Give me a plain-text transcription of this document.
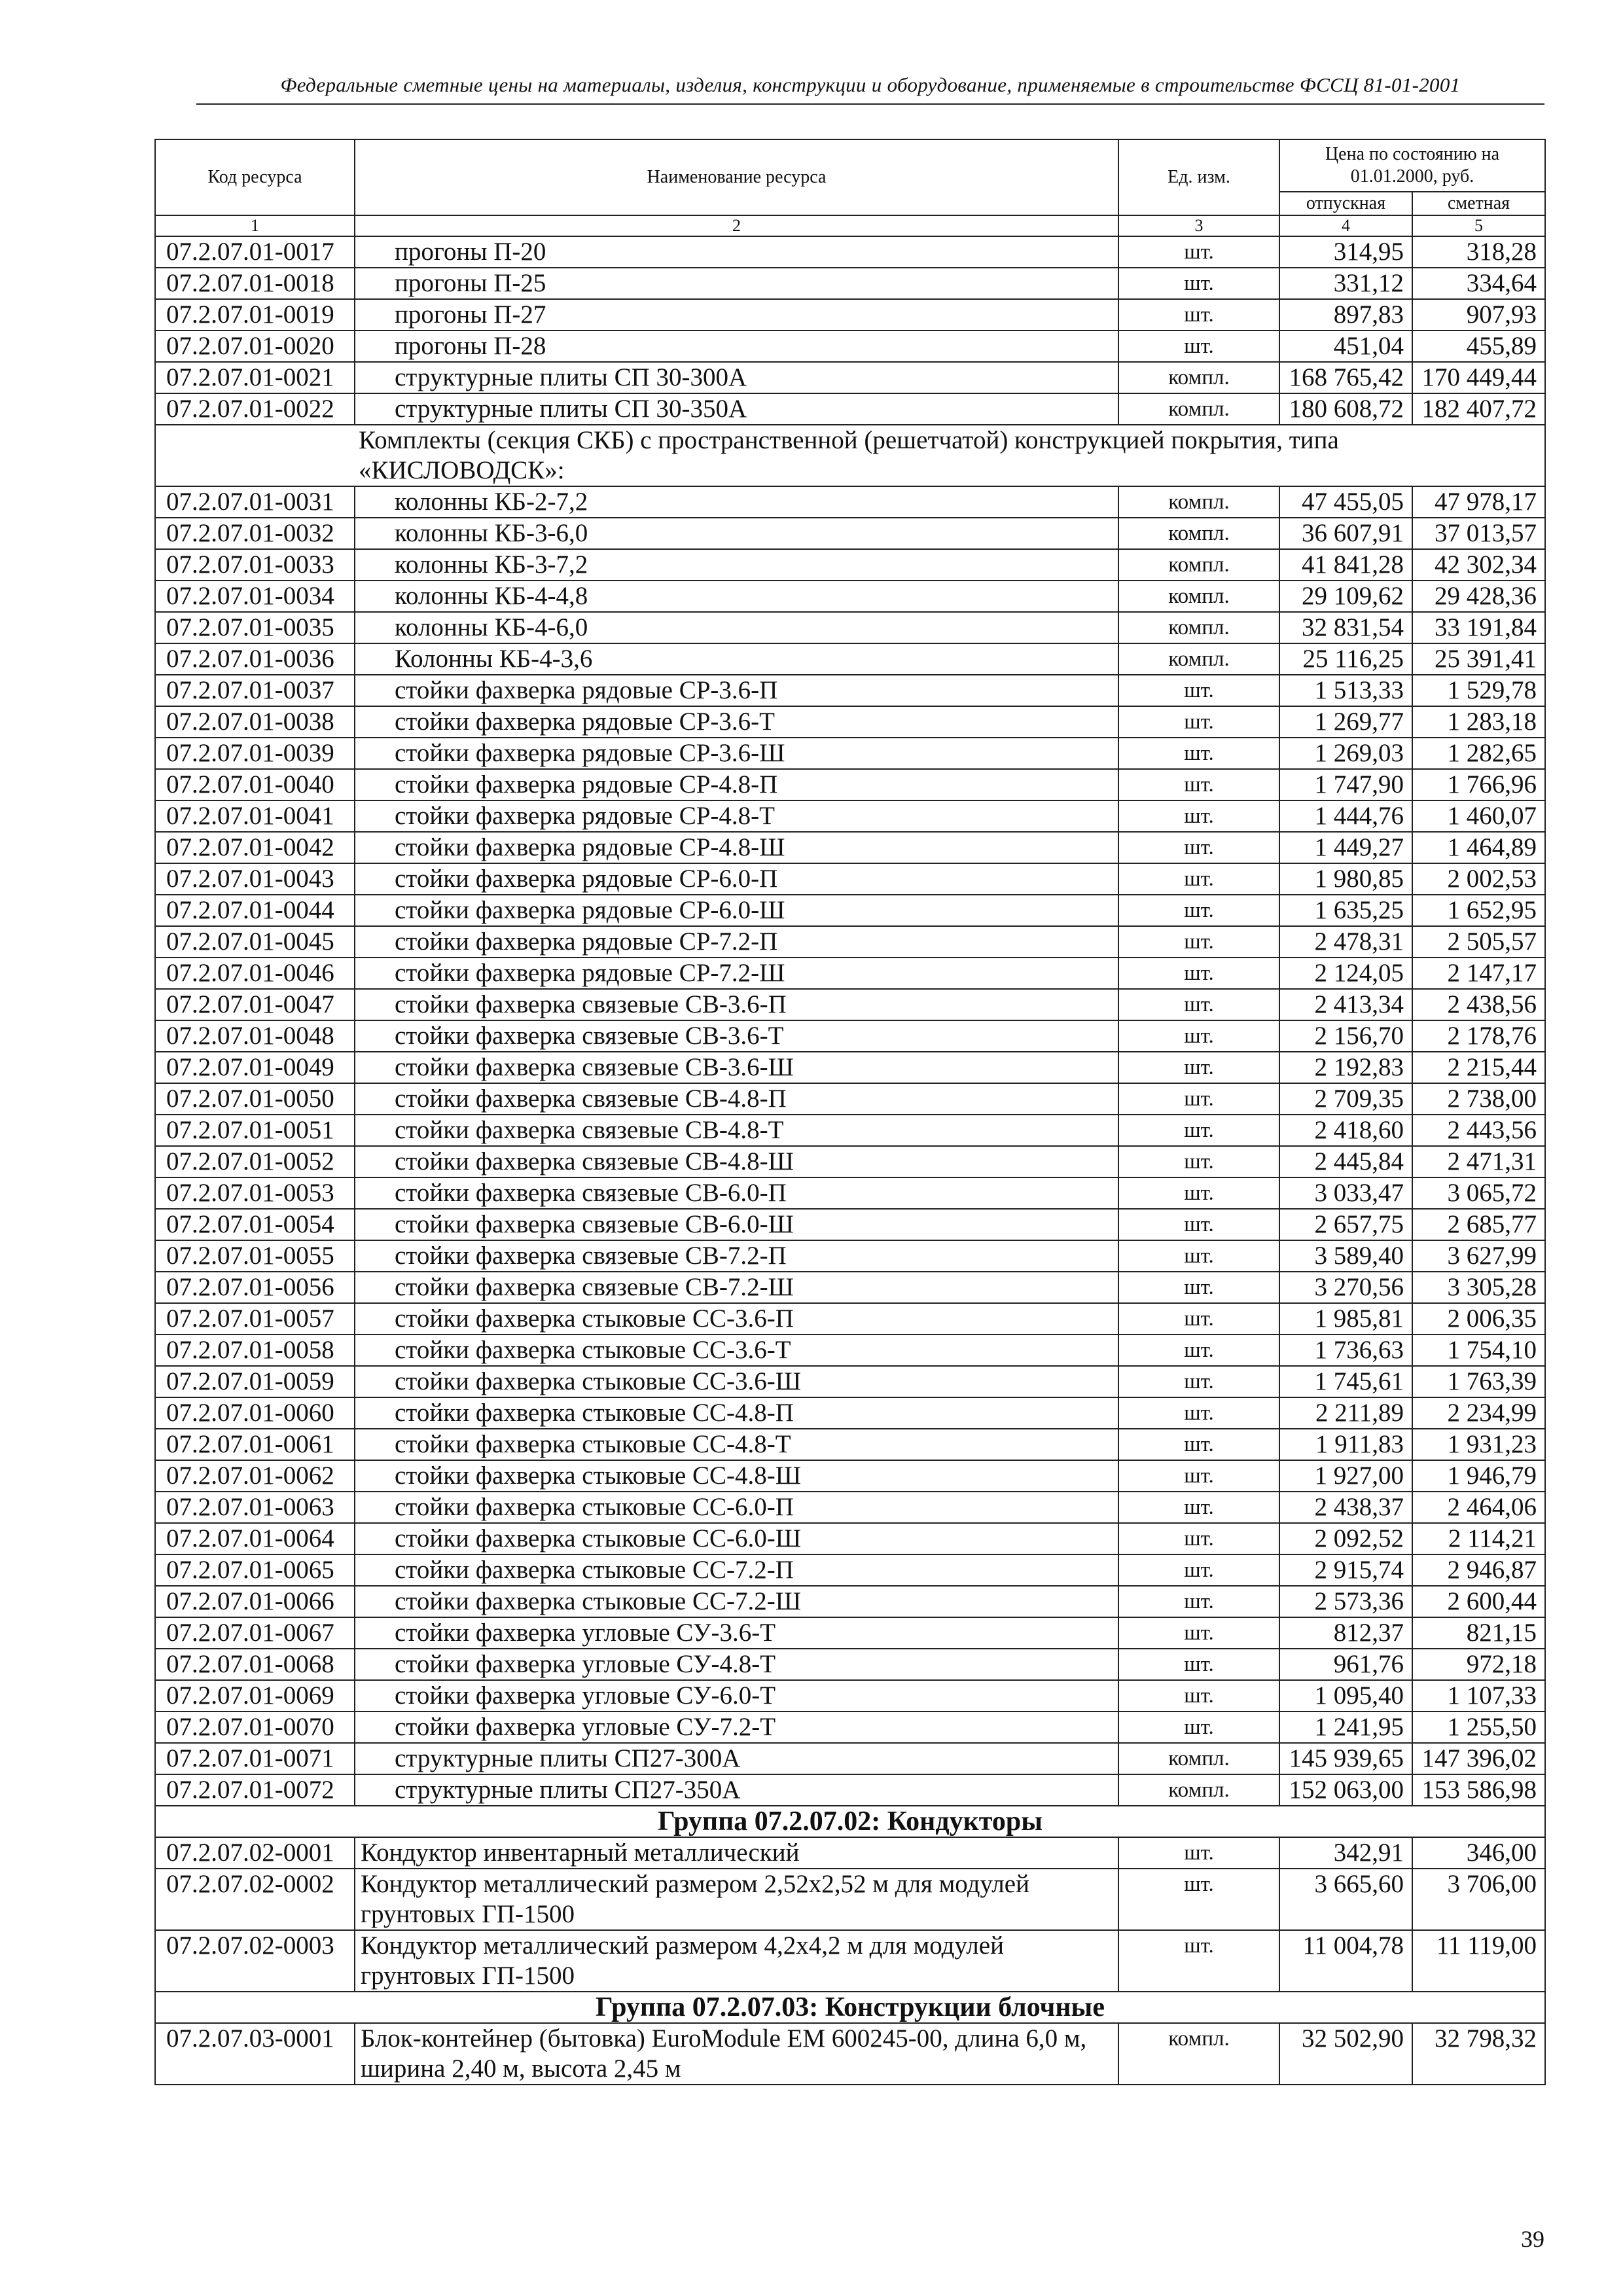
Федеральные сметные цены на материалы, изделия, конструкции и оборудование, применяемые в строительстве ФССЦ 81-01-2001
Код ресурса	Наименование ресурса	Ед. изм.	Цена по состоянию на 01.01.2000, руб.	
			отпускная	сметная
1	2	3	4	5
07.2.07.01-0017	прогоны П-20	шт.	314,95	318,28
07.2.07.01-0018	прогоны П-25	шт.	331,12	334,64
07.2.07.01-0019	прогоны П-27	шт.	897,83	907,93
07.2.07.01-0020	прогоны П-28	шт.	451,04	455,89
07.2.07.01-0021	структурные плиты СП 30-300А	компл.	168 765,42	170 449,44
07.2.07.01-0022	структурные плиты СП 30-350А	компл.	180 608,72	182 407,72
Комплекты (секция СКБ) с пространственной (решетчатой) конструкцией покрытия, типа «КИСЛОВОДСК»:				
07.2.07.01-0031	колонны КБ-2-7,2	компл.	47 455,05	47 978,17
07.2.07.01-0032	колонны КБ-3-6,0	компл.	36 607,91	37 013,57
07.2.07.01-0033	колонны КБ-3-7,2	компл.	41 841,28	42 302,34
07.2.07.01-0034	колонны КБ-4-4,8	компл.	29 109,62	29 428,36
07.2.07.01-0035	колонны КБ-4-6,0	компл.	32 831,54	33 191,84
07.2.07.01-0036	Колонны КБ-4-3,6	компл.	25 116,25	25 391,41
07.2.07.01-0037	стойки фахверка рядовые СР-3.6-П	шт.	1 513,33	1 529,78
07.2.07.01-0038	стойки фахверка рядовые СР-3.6-Т	шт.	1 269,77	1 283,18
07.2.07.01-0039	стойки фахверка рядовые СР-3.6-Ш	шт.	1 269,03	1 282,65
07.2.07.01-0040	стойки фахверка рядовые СР-4.8-П	шт.	1 747,90	1 766,96
07.2.07.01-0041	стойки фахверка рядовые СР-4.8-Т	шт.	1 444,76	1 460,07
07.2.07.01-0042	стойки фахверка рядовые СР-4.8-Ш	шт.	1 449,27	1 464,89
07.2.07.01-0043	стойки фахверка рядовые СР-6.0-П	шт.	1 980,85	2 002,53
07.2.07.01-0044	стойки фахверка рядовые СР-6.0-Ш	шт.	1 635,25	1 652,95
07.2.07.01-0045	стойки фахверка рядовые СР-7.2-П	шт.	2 478,31	2 505,57
07.2.07.01-0046	стойки фахверка рядовые СР-7.2-Ш	шт.	2 124,05	2 147,17
07.2.07.01-0047	стойки фахверка связевые СВ-3.6-П	шт.	2 413,34	2 438,56
07.2.07.01-0048	стойки фахверка связевые СВ-3.6-Т	шт.	2 156,70	2 178,76
07.2.07.01-0049	стойки фахверка связевые СВ-3.6-Ш	шт.	2 192,83	2 215,44
07.2.07.01-0050	стойки фахверка связевые СВ-4.8-П	шт.	2 709,35	2 738,00
07.2.07.01-0051	стойки фахверка связевые СВ-4.8-Т	шт.	2 418,60	2 443,56
07.2.07.01-0052	стойки фахверка связевые СВ-4.8-Ш	шт.	2 445,84	2 471,31
07.2.07.01-0053	стойки фахверка связевые СВ-6.0-П	шт.	3 033,47	3 065,72
07.2.07.01-0054	стойки фахверка связевые СВ-6.0-Ш	шт.	2 657,75	2 685,77
07.2.07.01-0055	стойки фахверка связевые СВ-7.2-П	шт.	3 589,40	3 627,99
07.2.07.01-0056	стойки фахверка связевые СВ-7.2-Ш	шт.	3 270,56	3 305,28
07.2.07.01-0057	стойки фахверка стыковые СС-3.6-П	шт.	1 985,81	2 006,35
07.2.07.01-0058	стойки фахверка стыковые СС-3.6-Т	шт.	1 736,63	1 754,10
07.2.07.01-0059	стойки фахверка стыковые СС-3.6-Ш	шт.	1 745,61	1 763,39
07.2.07.01-0060	стойки фахверка стыковые СС-4.8-П	шт.	2 211,89	2 234,99
07.2.07.01-0061	стойки фахверка стыковые СС-4.8-Т	шт.	1 911,83	1 931,23
07.2.07.01-0062	стойки фахверка стыковые СС-4.8-Ш	шт.	1 927,00	1 946,79
07.2.07.01-0063	стойки фахверка стыковые СС-6.0-П	шт.	2 438,37	2 464,06
07.2.07.01-0064	стойки фахверка стыковые СС-6.0-Ш	шт.	2 092,52	2 114,21
07.2.07.01-0065	стойки фахверка стыковые СС-7.2-П	шт.	2 915,74	2 946,87
07.2.07.01-0066	стойки фахверка стыковые СС-7.2-Ш	шт.	2 573,36	2 600,44
07.2.07.01-0067	стойки фахверка угловые СУ-3.6-Т	шт.	812,37	821,15
07.2.07.01-0068	стойки фахверка угловые СУ-4.8-Т	шт.	961,76	972,18
07.2.07.01-0069	стойки фахверка угловые СУ-6.0-Т	шт.	1 095,40	1 107,33
07.2.07.01-0070	стойки фахверка угловые СУ-7.2-Т	шт.	1 241,95	1 255,50
07.2.07.01-0071	структурные плиты СП27-300А	компл.	145 939,65	147 396,02
07.2.07.01-0072	структурные плиты СП27-350А	компл.	152 063,00	153 586,98
Группа 07.2.07.02: Кондукторы				
07.2.07.02-0001	Кондуктор инвентарный металлический	шт.	342,91	346,00
07.2.07.02-0002	Кондуктор металлический размером 2,52х2,52 м для модулей грунтовых ГП-1500	шт.	3 665,60	3 706,00
07.2.07.02-0003	Кондуктор металлический размером 4,2х4,2 м для модулей грунтовых ГП-1500	шт.	11 004,78	11 119,00
Группа 07.2.07.03: Конструкции блочные				
07.2.07.03-0001	Блок-контейнер (бытовка) EuroModule EM 600245-00, длина 6,0 м, ширина 2,40 м, высота 2,45 м	компл.	32 502,90	32 798,32
39
